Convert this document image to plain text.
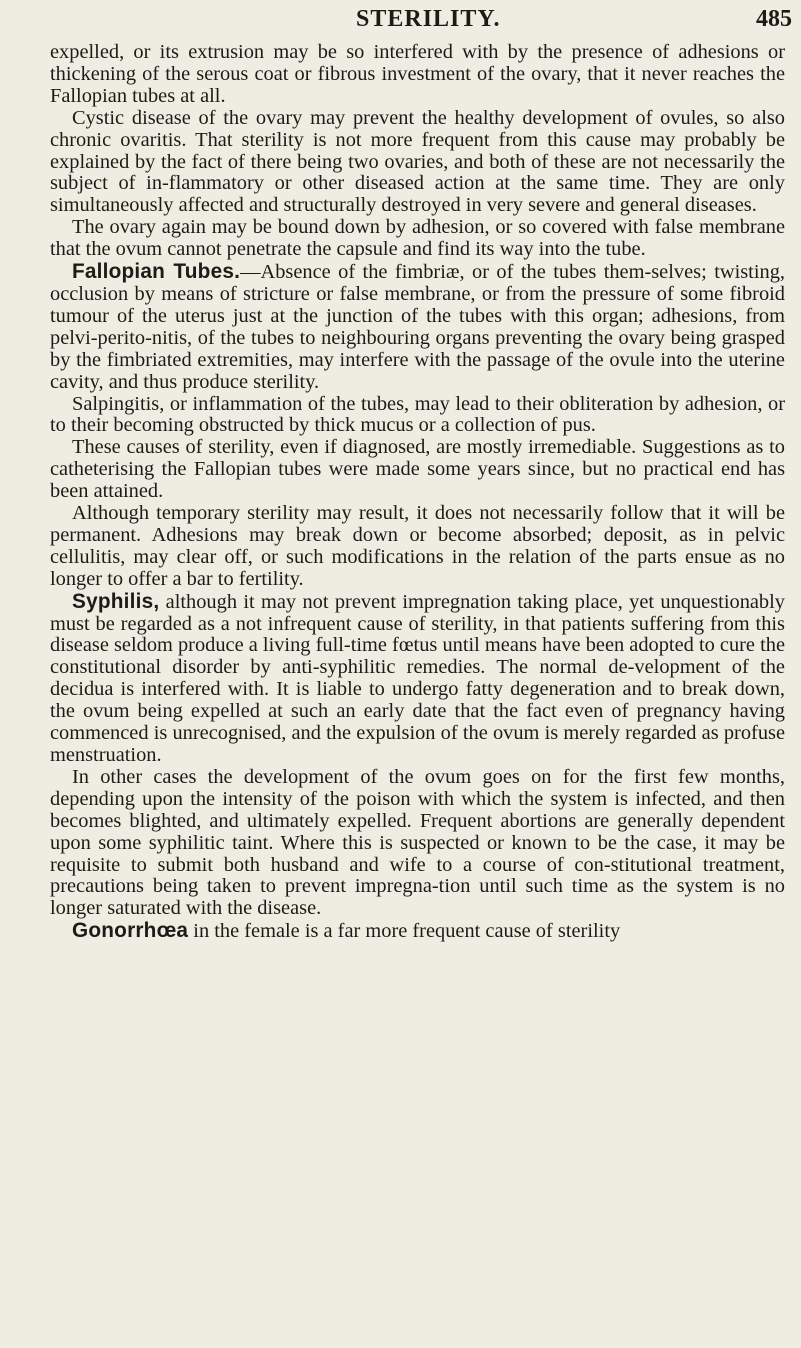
STERILITY.	485

expelled, or its extrusion may be so interfered with by the presence of adhesions or thickening of the serous coat or fibrous investment of the ovary, that it never reaches the Fallopian tubes at all.

Cystic disease of the ovary may prevent the healthy development of ovules, so also chronic ovaritis. That sterility is not more frequent from this cause may probably be explained by the fact of there being two ovaries, and both of these are not necessarily the subject of in-flammatory or other diseased action at the same time. They are only simultaneously affected and structurally destroyed in very severe and general diseases.

The ovary again may be bound down by adhesion, or so covered with false membrane that the ovum cannot penetrate the capsule and find its way into the tube.

Fallopian Tubes.—Absence of the fimbriæ, or of the tubes them-selves; twisting, occlusion by means of stricture or false membrane, or from the pressure of some fibroid tumour of the uterus just at the junction of the tubes with this organ; adhesions, from pelvi-perito-nitis, of the tubes to neighbouring organs preventing the ovary being grasped by the fimbriated extremities, may interfere with the passage of the ovule into the uterine cavity, and thus produce sterility.

Salpingitis, or inflammation of the tubes, may lead to their obliteration by adhesion, or to their becoming obstructed by thick mucus or a collection of pus.

These causes of sterility, even if diagnosed, are mostly irremediable. Suggestions as to catheterising the Fallopian tubes were made some years since, but no practical end has been attained.

Although temporary sterility may result, it does not necessarily follow that it will be permanent. Adhesions may break down or become absorbed; deposit, as in pelvic cellulitis, may clear off, or such modifications in the relation of the parts ensue as no longer to offer a bar to fertility.

Syphilis, although it may not prevent impregnation taking place, yet unquestionably must be regarded as a not infrequent cause of sterility, in that patients suffering from this disease seldom produce a living full-time fœtus until means have been adopted to cure the constitutional disorder by anti-syphilitic remedies. The normal de-velopment of the decidua is interfered with. It is liable to undergo fatty degeneration and to break down, the ovum being expelled at such an early date that the fact even of pregnancy having commenced is unrecognised, and the expulsion of the ovum is merely regarded as profuse menstruation.

In other cases the development of the ovum goes on for the first few months, depending upon the intensity of the poison with which the system is infected, and then becomes blighted, and ultimately expelled. Frequent abortions are generally dependent upon some syphilitic taint. Where this is suspected or known to be the case, it may be requisite to submit both husband and wife to a course of con-stitutional treatment, precautions being taken to prevent impregna-tion until such time as the system is no longer saturated with the disease.

Gonorrhœa in the female is a far more frequent cause of sterility
